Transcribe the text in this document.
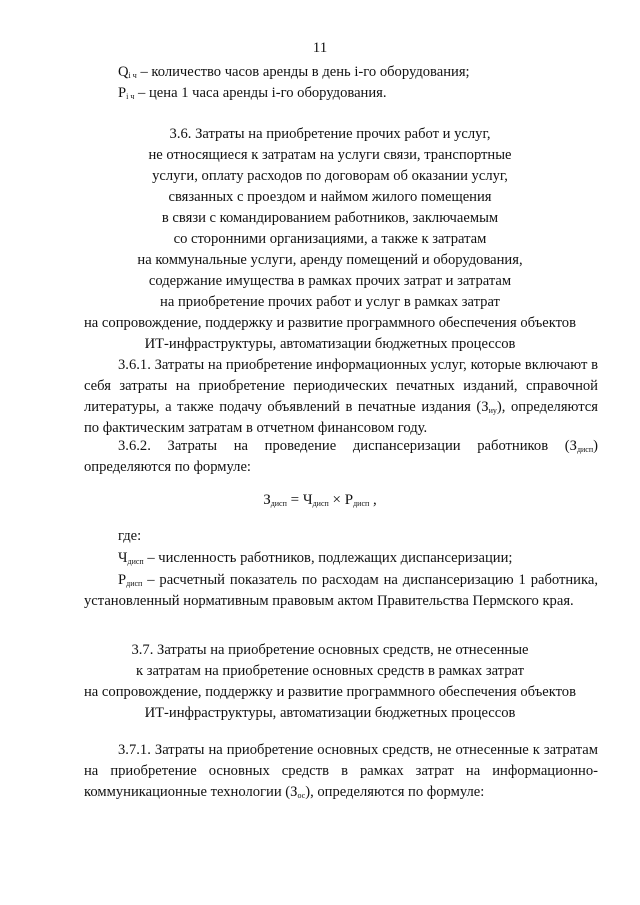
11

$Q_{i ч}$ – количество часов аренды в день i-го оборудования;

$P_{i ч}$ – цена 1 часа аренды i-го оборудования.

3.6. Затраты на приобретение прочих работ и услуг,

не относящиеся к затратам на услуги связи, транспортные

услуги, оплату расходов по договорам об оказании услуг,

связанных с проездом и наймом жилого помещения

в связи с командированием работников, заключаемым

со сторонними организациями, а также к затратам

на коммунальные услуги, аренду помещений и оборудования,

содержание имущества в рамках прочих затрат и затратам

на приобретение прочих работ и услуг в рамках затрат

на сопровождение, поддержку и развитие программного обеспечения объектов

ИТ-инфраструктуры, автоматизации бюджетных процессов

3.6.1. Затраты на приобретение информационных услуг, которые включают в себя затраты на приобретение периодических печатных изданий, справочной литературы, а также подачу объявлений в печатные издания $(З_{иу})$, определяются по фактическим затратам в отчетном финансовом году.

3.6.2. Затраты на проведение диспансеризации работников $(З_{дисп})$ определяются по формуле:

$З_{дисп} = Ч_{дисп} \times Р_{дисп}$ ,
где:
$Ч_{дисп}$ – численность работников, подлежащих диспансеризации;

$Р_{дисп}$ – расчетный показатель по расходам на диспансеризацию 1 работника, установленный нормативным правовым актом Правительства Пермского края.

3.7. Затраты на приобретение основных средств, не отнесенные

к затратам на приобретение основных средств в рамках затрат

на сопровождение, поддержку и развитие программного обеспечения объектов

ИТ-инфраструктуры, автоматизации бюджетных процессов

3.7.1. Затраты на приобретение основных средств, не отнесенные к затратам на приобретение основных средств в рамках затрат на информационно-коммуникационные технологии $(З_{ос})$, определяются по формуле:
